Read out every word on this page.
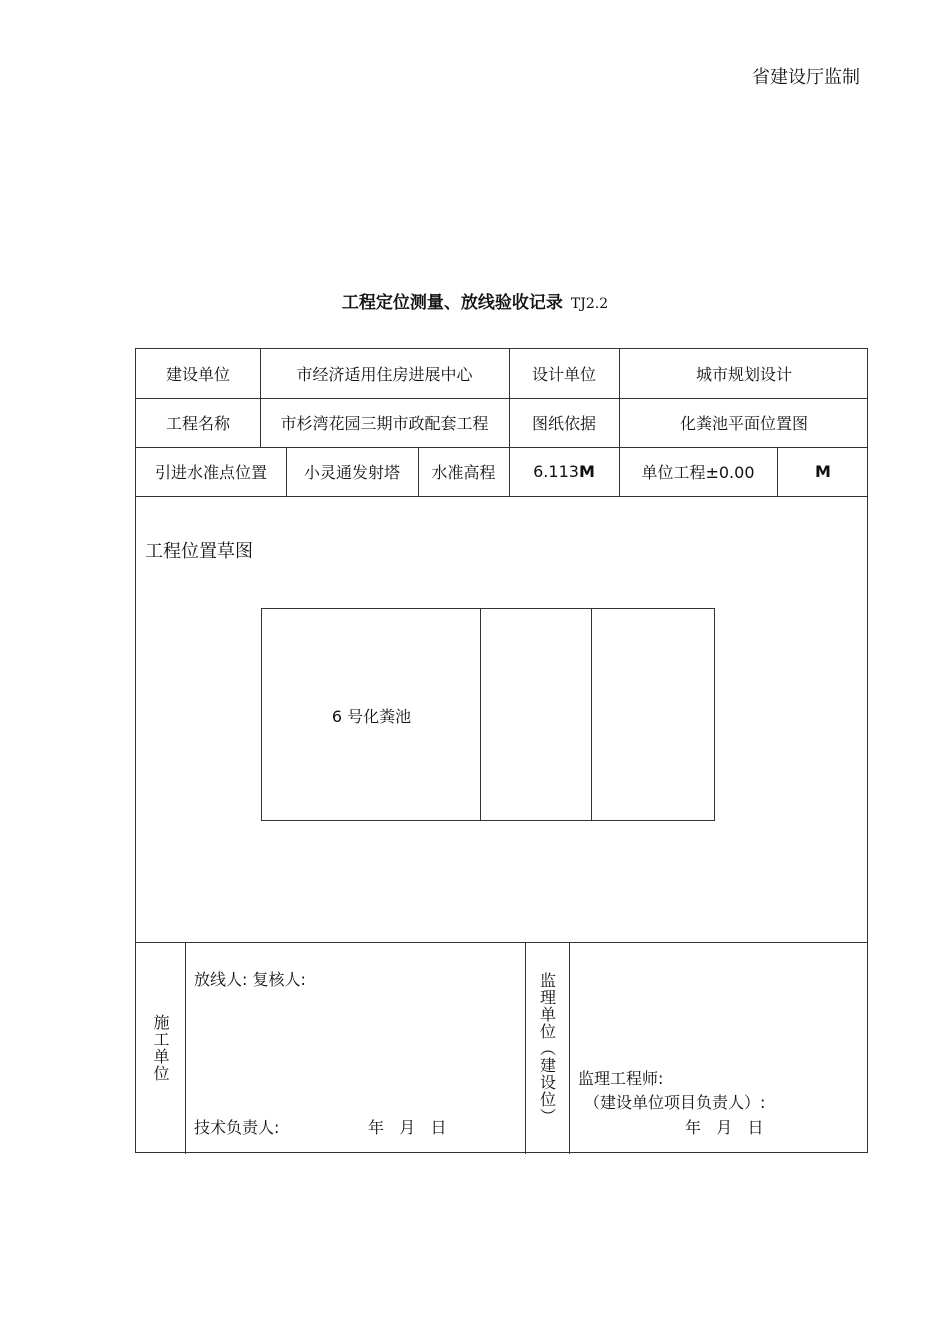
省建设厅监制
工程定位测量、放线验收记录 TJ2.2
建设单位	市经济适用住房进展中心	设计单位	城市规划设计
工程名称	市杉湾花园三期市政配套工程	图纸依据	化粪池平面位置图
引进水准点位置	小灵通发射塔	水准高程	6.113 M	单位工程±0.00	M
工程位置草图
6 号化粪池
施工单位
放线人: 复核人:
技术负责人:	年   月   日
监理单位（建设位） 监理工程师:
（建设单位项目负责人）:
年   月   日
